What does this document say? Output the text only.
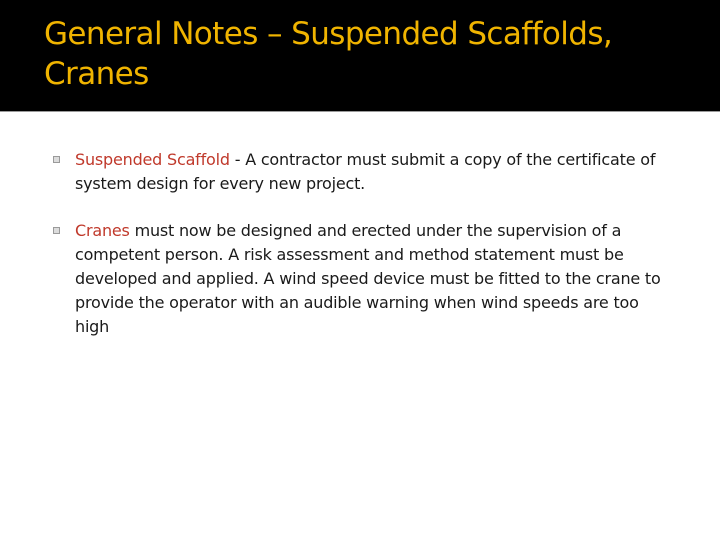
General Notes – Suspended Scaffolds, Cranes
Suspended Scaffold - A contractor must submit a copy of the certificate of system design for every new project.
Cranes must now be designed and erected under the supervision of a competent person. A risk assessment and method statement must be developed and applied. A wind speed device must be fitted to the crane to provide the operator with an audible warning when wind speeds are too high
